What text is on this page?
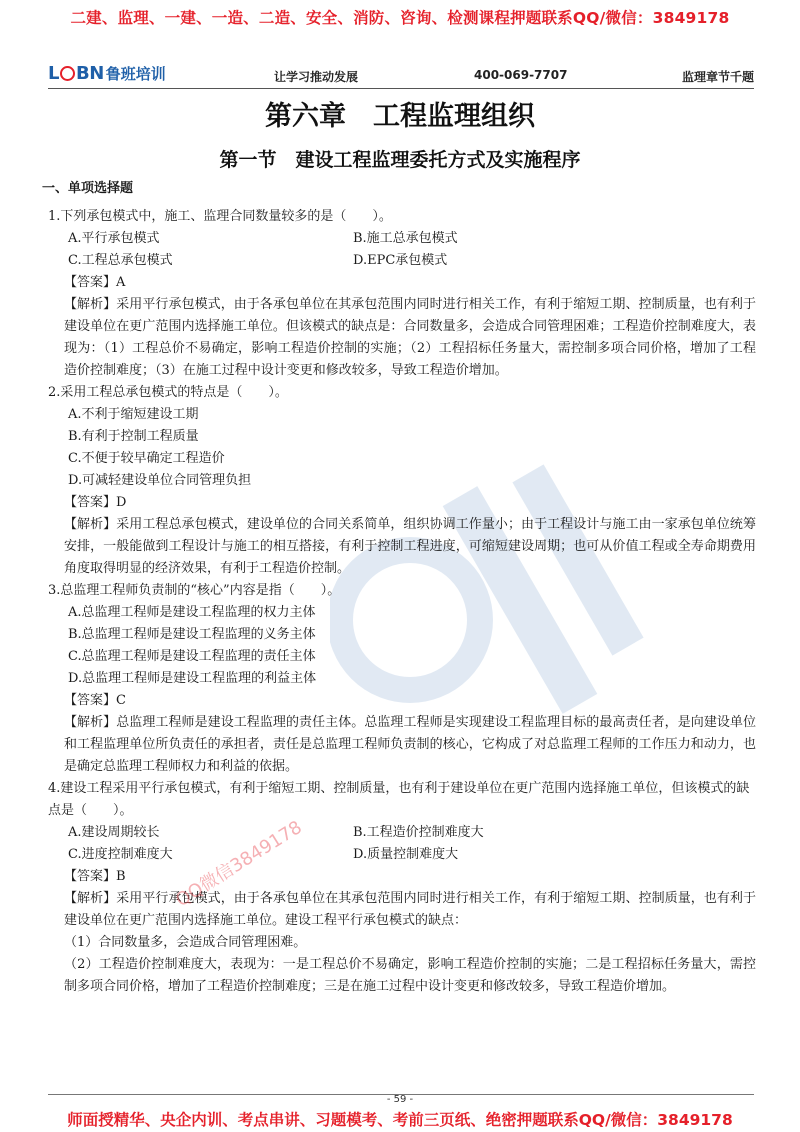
二建、监理、一建、一造、二造、安全、消防、咨询、检测课程押题联系QQ/微信：3849178
L BN 鲁班培训	让学习推动发展	400-069-7707	监理章节千题
第六章　工程监理组织
第一节　建设工程监理委托方式及实施程序
一、单项选择题
1.下列承包模式中，施工、监理合同数量较多的是（　　）。
A.平行承包模式	B.施工总承包模式
C.工程总承包模式	D.EPC承包模式
【答案】A

【解析】采用平行承包模式，由于各承包单位在其承包范围内同时进行相关工作，有利于缩短工期、控制质量，也有利于建设单位在更广范围内选择施工单位。但该模式的缺点是：合同数量多，会造成合同管理困难；工程造价控制难度大，表现为：（1）工程总价不易确定，影响工程造价控制的实施；（2）工程招标任务量大，需控制多项合同价格，增加了工程造价控制难度；（3）在施工过程中设计变更和修改较多，导致工程造价增加。

2.采用工程总承包模式的特点是（　　）。
A.不利于缩短建设工期
B.有利于控制工程质量
C.不便于较早确定工程造价
D.可减轻建设单位合同管理负担
【答案】D

【解析】采用工程总承包模式，建设单位的合同关系简单，组织协调工作量小；由于工程设计与施工由一家承包单位统筹安排，一般能做到工程设计与施工的相互搭接，有利于控制工程进度，可缩短建设周期；也可从价值工程或全寿命期费用角度取得明显的经济效果，有利于工程造价控制。

3.总监理工程师负责制的“核心”内容是指（　　）。
A.总监理工程师是建设工程监理的权力主体
B.总监理工程师是建设工程监理的义务主体
C.总监理工程师是建设工程监理的责任主体
D.总监理工程师是建设工程监理的利益主体
【答案】C

【解析】总监理工程师是建设工程监理的责任主体。总监理工程师是实现建设工程监理目标的最高责任者，是向建设单位和工程监理单位所负责任的承担者，责任是总监理工程师负责制的核心，它构成了对总监理工程师的工作压力和动力，也是确定总监理工程师权力和利益的依据。

4.建设工程采用平行承包模式，有利于缩短工期、控制质量，也有利于建设单位在更广范围内选择施工单位，但该模式的缺点是（　　）。
A.建设周期较长	B.工程造价控制难度大
C.进度控制难度大	D.质量控制难度大
【答案】B

【解析】采用平行承包模式，由于各承包单位在其承包范围内同时进行相关工作，有利于缩短工期、控制质量，也有利于建设单位在更广范围内选择施工单位。建设工程平行承包模式的缺点：

（1）合同数量多，会造成合同管理困难。
（2）工程造价控制难度大，表现为：一是工程总价不易确定，影响工程造价控制的实施；二是工程招标任务量大，需控制多项合同价格，增加了工程造价控制难度；三是在施工过程中设计变更和修改较多，导致工程造价增加。
QQ微信3849178
- 59 -
师面授精华、央企内训、考点串讲、习题模考、考前三页纸、绝密押题联系QQ/微信：3849178
